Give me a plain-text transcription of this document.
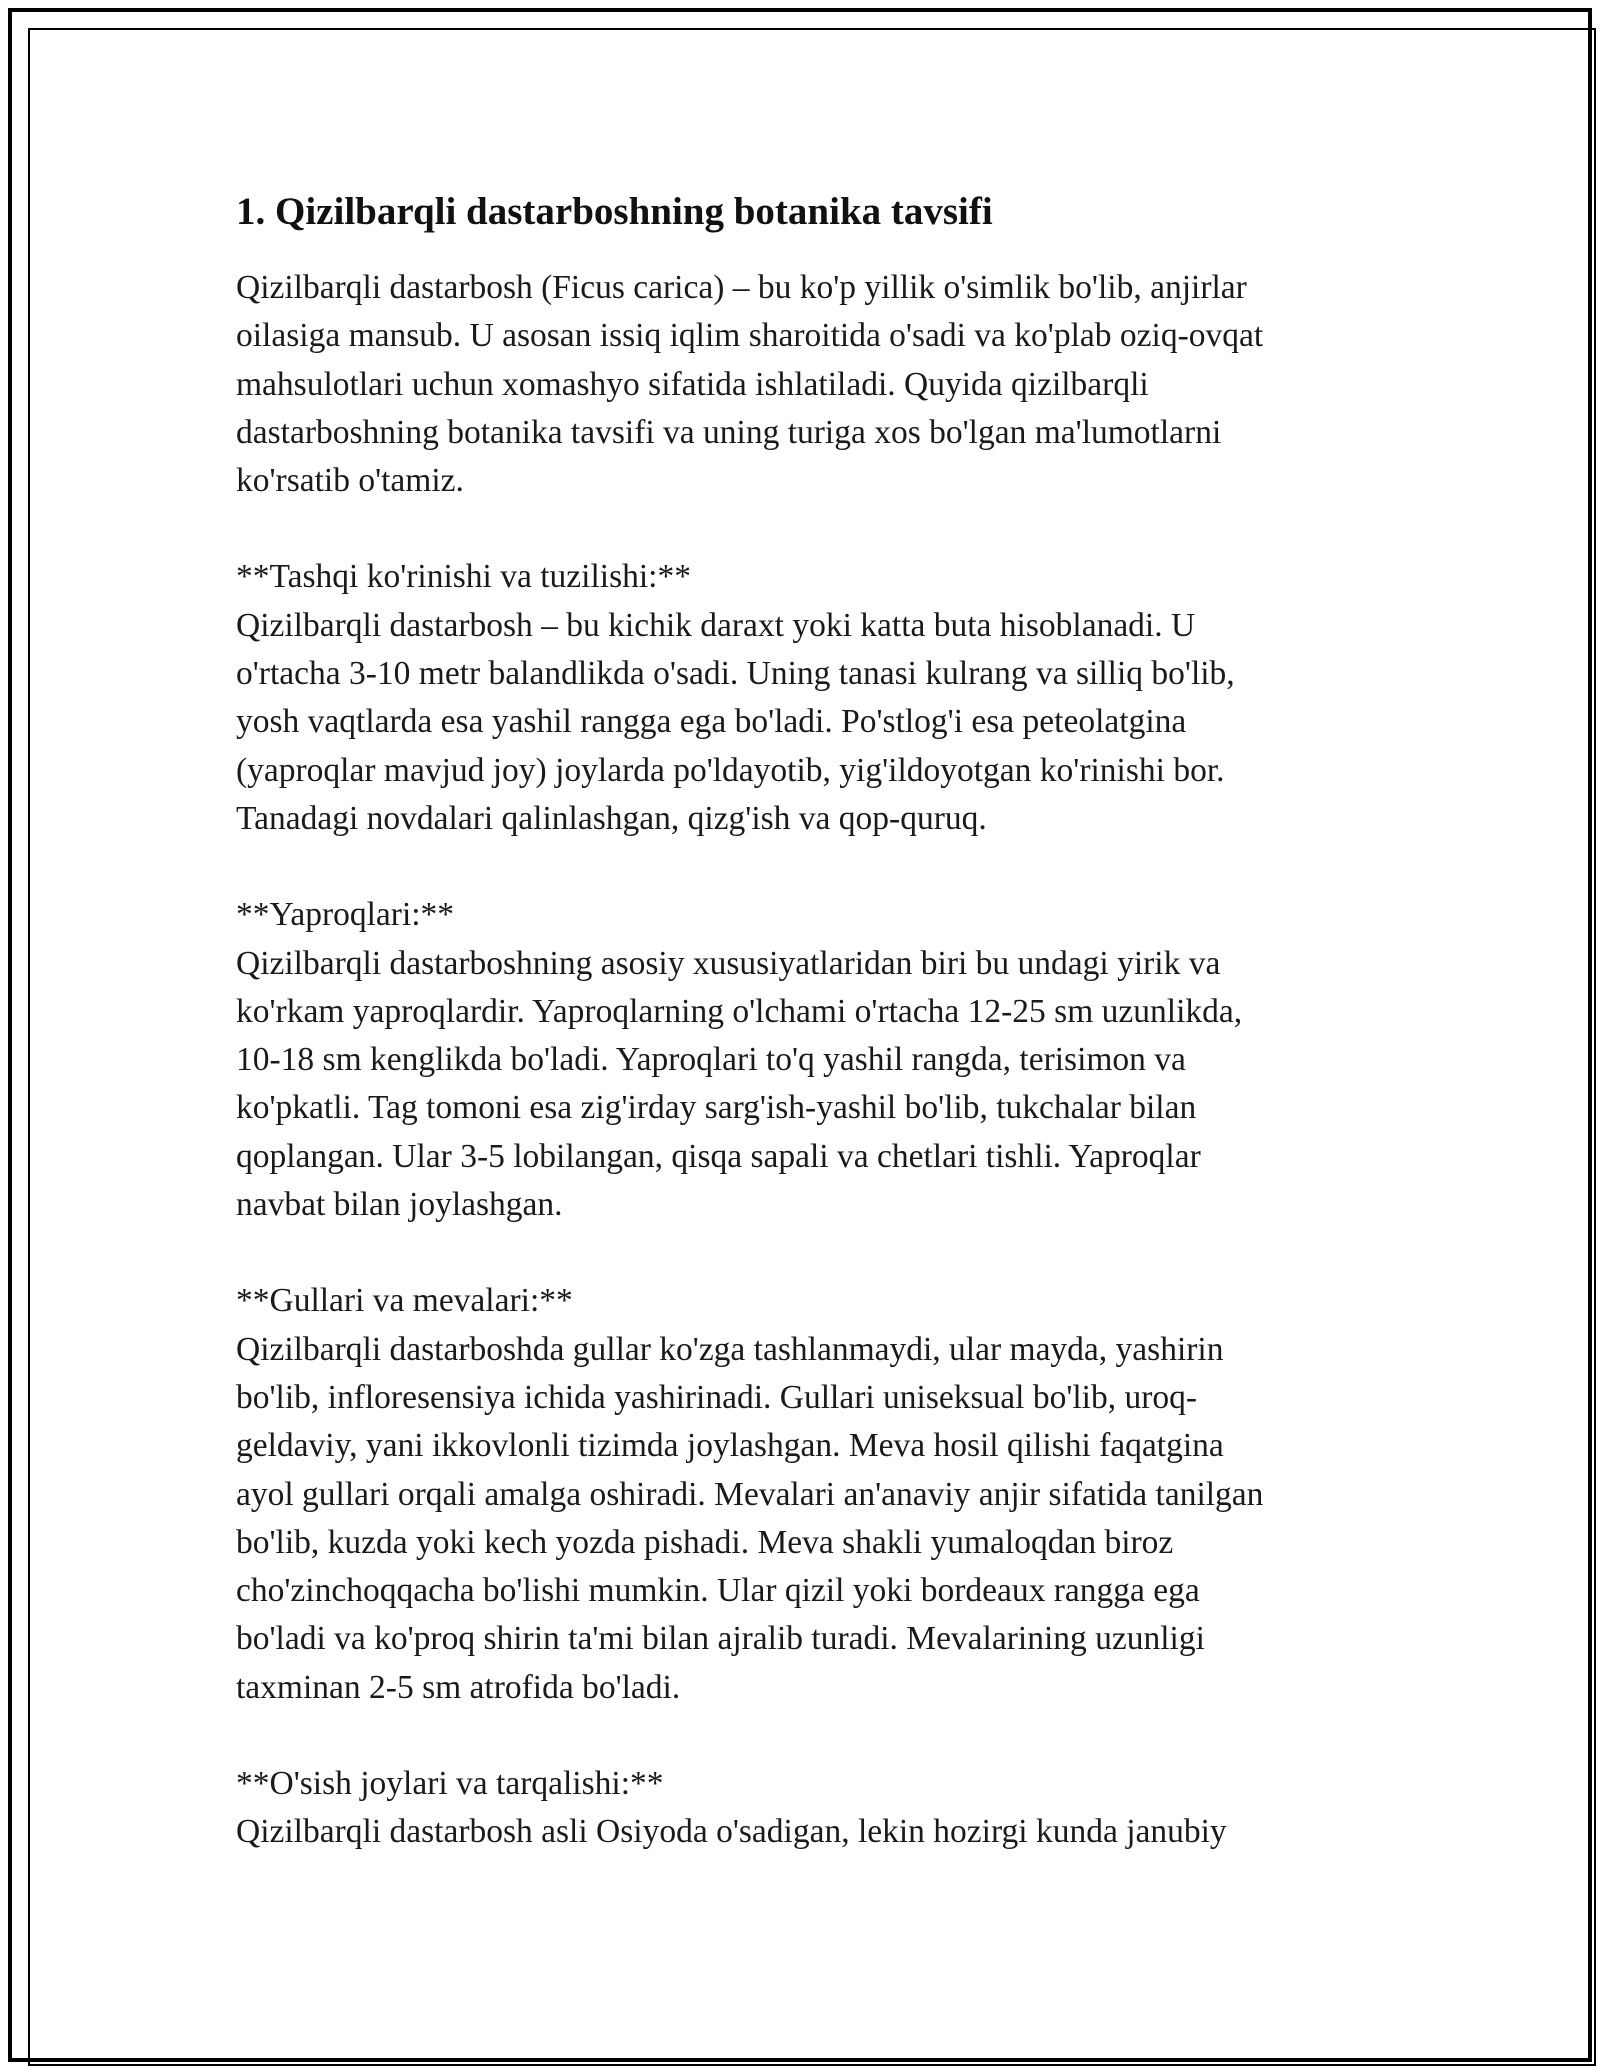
1. Qizilbarqli dastarboshning botanika tavsifi

Qizilbarqli dastarbosh (Ficus carica) – bu ko'p yillik o'simlik bo'lib, anjirlar
oilasiga mansub. U asosan issiq iqlim sharoitida o'sadi va ko'plab oziq-ovqat
mahsulotlari uchun xomashyo sifatida ishlatiladi. Quyida qizilbarqli
dastarboshning botanika tavsifi va uning turiga xos bo'lgan ma'lumotlarni
ko'rsatib o'tamiz.

**Tashqi ko'rinishi va tuzilishi:**

Qizilbarqli dastarbosh – bu kichik daraxt yoki katta buta hisoblanadi. U
o'rtacha 3-10 metr balandlikda o'sadi. Uning tanasi kulrang va silliq bo'lib,
yosh vaqtlarda esa yashil rangga ega bo'ladi. Po'stlog'i esa peteolatgina
(yaproqlar mavjud joy) joylarda po'ldayotib, yig'ildoyotgan ko'rinishi bor.
Tanadagi novdalari qalinlashgan, qizg'ish va qop-quruq.

**Yaproqlari:**

Qizilbarqli dastarboshning asosiy xususiyatlaridan biri bu undagi yirik va
ko'rkam yaproqlardir. Yaproqlarning o'lchami o'rtacha 12-25 sm uzunlikda,
10-18 sm kenglikda bo'ladi. Yaproqlari to'q yashil rangda, terisimon va
ko'pkatli. Tag tomoni esa zig'irday sarg'ish-yashil bo'lib, tukchalar bilan
qoplangan. Ular 3-5 lobilangan, qisqa sapali va chetlari tishli. Yaproqlar
navbat bilan joylashgan.

**Gullari va mevalari:**

Qizilbarqli dastarboshda gullar ko'zga tashlanmaydi, ular mayda, yashirin
bo'lib, infloresensiya ichida yashirinadi. Gullari uniseksual bo'lib, uroq-
geldaviy, yani ikkovlonli tizimda joylashgan. Meva hosil qilishi faqatgina
ayol gullari orqali amalga oshiradi. Mevalari an'anaviy anjir sifatida tanilgan
bo'lib, kuzda yoki kech yozda pishadi. Meva shakli yumaloqdan biroz
cho'zinchoqqacha bo'lishi mumkin. Ular qizil yoki bordeaux rangga ega
bo'ladi va ko'proq shirin ta'mi bilan ajralib turadi. Mevalarining uzunligi
taxminan 2-5 sm atrofida bo'ladi.

**O'sish joylari va tarqalishi:**

Qizilbarqli dastarbosh asli Osiyoda o'sadigan, lekin hozirgi kunda janubiy
